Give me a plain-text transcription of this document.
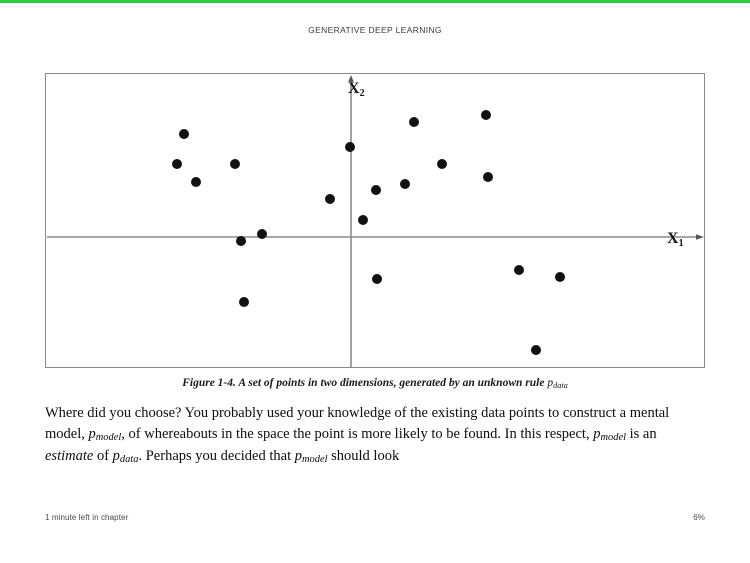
GENERATIVE DEEP LEARNING
$X_2$
$X_1$
Figure 1-4. A set of points in two dimensions, generated by an unknown rule $p_{data}$
Where did you choose? You probably used your knowledge of the existing data points to construct a mental model, $p_{model}$, of whereabouts in the space the point is more likely to be found. In this respect, $p_{model}$ is an estimate of $p_{data}$. Perhaps you decided that $p_{model}$ should look
1 minute left in chapter	6%
